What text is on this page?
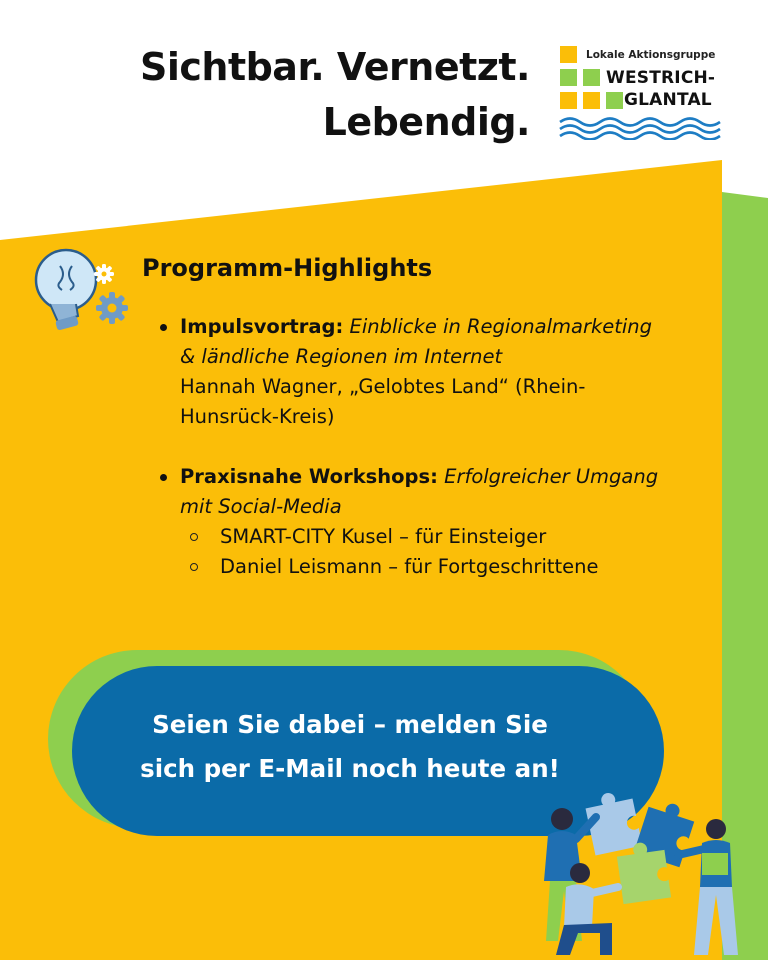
Sichtbar. Vernetzt.
Lebendig.
Lokale Aktionsgruppe
WESTRICH-
GLANTAL
Programm-Highlights
Impulsvortrag: Einblicke in Regionalmarketing
& ländliche Regionen im Internet
Hannah Wagner, „Gelobtes Land“ (Rhein-
Hunsrück-Kreis)
Praxisnahe Workshops: Erfolgreicher Umgang
mit Social-Media
SMART-CITY Kusel – für Einsteiger
Daniel Leismann – für Fortgeschrittene
Seien Sie dabei – melden Sie
sich per E-Mail noch heute an!
